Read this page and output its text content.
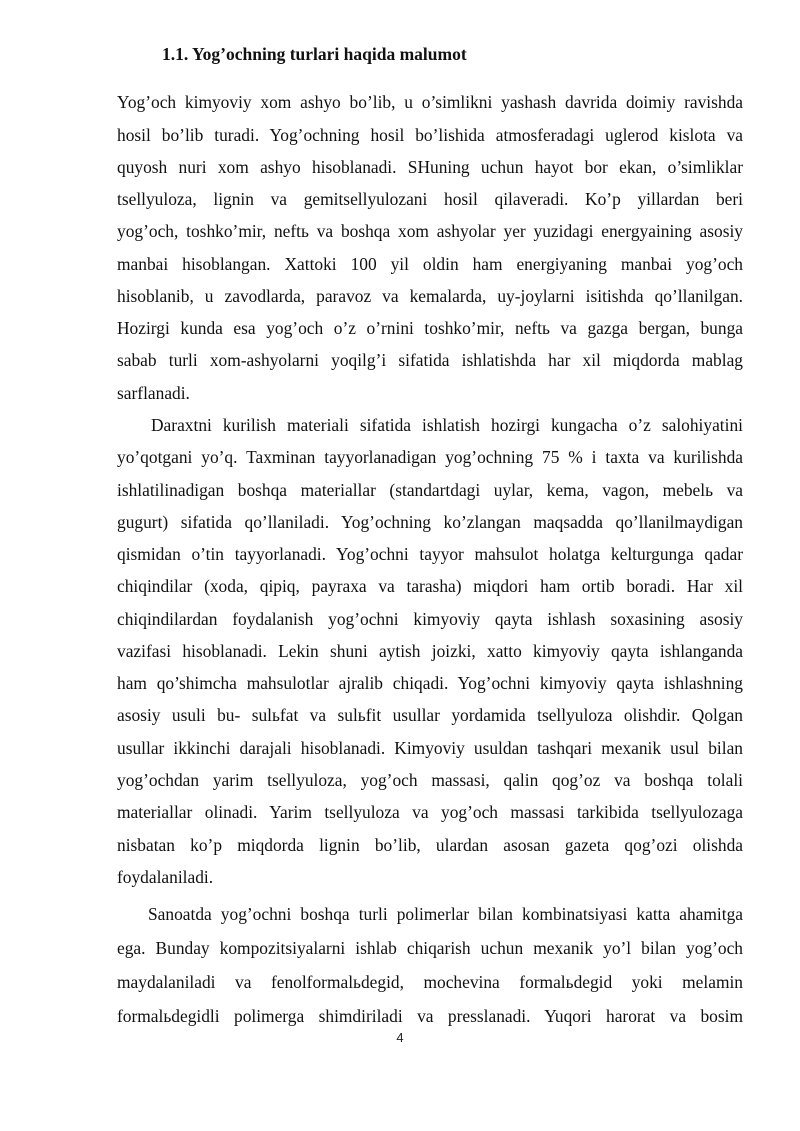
1.1. Yog’ochning turlari haqida malumot
Yog’och kimyoviy xom ashyo bo’lib, u o’simlikni yashash davrida doimiy ravishda
hosil bo’lib turadi. Yog’ochning hosil bo’lishida atmosferadagi uglerod kislota va
quyosh nuri xom ashyo hisoblanadi. SHuning uchun hayot bor ekan, o’simliklar
tsellyuloza, lignin va gemitsellyulozani hosil qilaveradi. Ko’p yillardan beri
yog’och, toshko’mir, neftь va boshqa xom ashyolar yer yuzidagi energyaining asosiy
manbai hisoblangan. Xattoki 100 yil oldin ham energiyaning manbai yog’och
hisoblanib, u zavodlarda, paravoz va kemalarda, uy-joylarni isitishda qo’llanilgan.
Hozirgi kunda esa yog’och o’z o’rnini toshko’mir, neftь va gazga bergan, bunga
sabab turli xom-ashyolarni yoqilg’i sifatida ishlatishda har xil miqdorda mablag
sarflanadi.
Daraxtni kurilish materiali sifatida ishlatish hozirgi kungacha o’z salohiyatini
yo’qotgani yo’q. Taxminan tayyorlanadigan yog’ochning 75 % i taxta va kurilishda
ishlatilinadigan boshqa materiallar (standartdagi uylar, kema, vagon, mebelь va
gugurt) sifatida qo’llaniladi. Yog’ochning ko’zlangan maqsadda qo’llanilmaydigan
qismidan o’tin tayyorlanadi. Yog’ochni tayyor mahsulot holatga kelturgunga qadar
chiqindilar (xoda, qipiq, payraxa va tarasha) miqdori ham ortib boradi. Har xil
chiqindilardan foydalanish yog’ochni kimyoviy qayta ishlash soxasining asosiy
vazifasi hisoblanadi. Lekin shuni aytish joizki, xatto kimyoviy qayta ishlanganda
ham qo’shimcha mahsulotlar ajralib chiqadi. Yog’ochni kimyoviy qayta ishlashning
asosiy usuli bu- sulьfat va sulьfit usullar yordamida tsellyuloza olishdir. Qolgan
usullar ikkinchi darajali hisoblanadi. Kimyoviy usuldan tashqari mexanik usul bilan
yog’ochdan yarim tsellyuloza, yog’och massasi, qalin qog’oz va boshqa tolali
materiallar olinadi. Yarim tsellyuloza va yog’och massasi tarkibida tsellyulozaga
nisbatan ko’p miqdorda lignin bo’lib, ulardan asosan gazeta qog’ozi olishda
foydalaniladi.
Sanoatda yog’ochni boshqa turli polimerlar bilan kombinatsiyasi katta ahamitga
ega. Bunday kompozitsiyalarni ishlab chiqarish uchun mexanik yo’l bilan yog’och
maydalaniladi va fenolformalьdegid, mochevina formalьdegid yoki melamin
formalьdegidli polimerga shimdiriladi va presslanadi. Yuqori harorat va bosim
4
